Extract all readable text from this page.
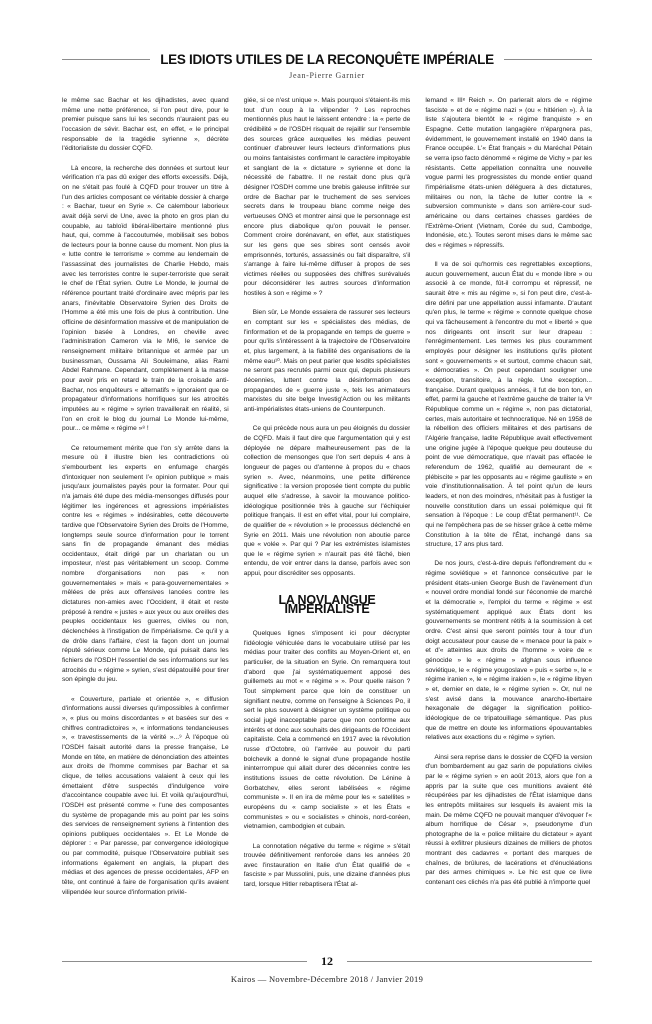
LES IDIOTS UTILES DE LA RECONQUÊTE IMPÉRIALE
Jean-Pierre Garnier

le même sac Bachar et les djihadistes, avec quand même une nette préférence, si l'on peut dire, pour le premier puisque sans lui les seconds n'auraient pas eu l'occasion de sévir. Bachar est, en effet, « le principal responsable de la tragédie syrienne », décrète l'éditorialiste du dossier CQFD.

Là encore, la recherche des données et surtout leur vérification n'a pas dû exiger des efforts excessifs. Déjà, on ne s'était pas foulé à CQFD pour trouver un titre à l'un des articles composant ce véritable dossier à charge : « Bachar, tueur en Syrie ». Ce calembour laborieux avait déjà servi de Une, avec la photo en gros plan du coupable, au tabloïd libéral-libertaire mentionné plus haut, qui, comme à l'accoutumée, mobilisait ses bobos de lecteurs pour la bonne cause du moment. Non plus la « lutte contre le terrorisme » comme au lendemain de l'assassinat des journalistes de Charlie Hebdo, mais avec les terroristes contre le super-terroriste que serait le chef de l'État syrien. Outre Le Monde, le journal de référence pourtant traité d'ordinaire avec mépris par les anars, l'inévitable Observatoire Syrien des Droits de l'Homme a été mis une fois de plus à contribution. Une officine de désinformation massive et de manipulation de l'opinion basée à Londres, en cheville avec l'administration Cameron via le MI6, le service de renseignement militaire britannique et armée par un businessman, Oussama Ali Souleimane, alias Rami Abdel Rahmane. Cependant, complètement à la masse pour avoir pris en retard le train de la croisade anti-Bachar, nos enquêteurs « alternatifs » ignoraient que ce propagateur d'informations horrifiques sur les atrocités imputées au « régime » syrien travaillerait en réalité, si l'on en croit le blog du journal Le Monde lui-même, pour... ce même « régime »⁸ !

Ce retournement mérite que l'on s'y arrête dans la mesure où il illustre bien les contradictions où s'embourbent les experts en enfumage chargés d'intoxiquer non seulement l'« opinion publique » mais jusqu'aux journalistes payés pour la formater. Pour qui n'a jamais été dupe des média-mensonges diffusés pour légitimer les ingérences et agressions impérialistes contre les « régimes » indésirables, cette découverte tardive que l'Observatoire Syrien des Droits de l'Homme, longtemps seule source d'information pour le torrent sans fin de propagande émanant des médias occidentaux, était dirigé par un charlatan ou un imposteur, n'est pas véritablement un scoop. Comme nombre d'organisations non pas « non gouvernementales » mais « para-gouvernementales » mêlées de près aux offensives lancées contre les dictatures non-amies avec l'Occident, il était et reste préposé à rendre « justes » aux yeux ou aux oreilles des peuples occidentaux les guerres, civiles ou non, déclenchées à l'instigation de l'impérialisme. Ce qu'il y a de drôle dans l'affaire, c'est la façon dont un journal réputé sérieux comme Le Monde, qui puisait dans les fichiers de l'OSDH l'essentiel de ses informations sur les atrocités du « régime » syrien, s'est dépatouillé pour tirer son épingle du jeu.

« Couverture, partiale et orientée », « diffusion d'informations aussi diverses qu'impossibles à confirmer », « plus ou moins discordantes » et basées sur des « chiffres contradictoires », « informations tendancieuses », « travestissements de la vérité »...⁹ À l'époque où l'OSDH faisait autorité dans la presse française, Le Monde en tête, en matière de dénonciation des atteintes aux droits de l'homme commises par Bachar et sa clique, de telles accusations valaient à ceux qui les émettaient d'être suspectés d'indulgence voire d'accointance coupable avec lui. Et voilà qu'aujourd'hui, l'OSDH est présenté comme « l'une des composantes du système de propagande mis au point par les soins des services de renseignement syriens à l'intention des opinions publiques occidentales ». Et Le Monde de déplorer : « Par paresse, par convergence idéologique ou par commodité, puisque l'Observatoire publiait ses informations également en anglais, la plupart des médias et des agences de presse occidentales, AFP en tête, ont continué à faire de l'organisation qu'ils avaient vilipendée leur source d'information privilé-

giée, si ce n'est unique ». Mais pourquoi s'étaient-ils mis tout d'un coup à la vilipender ? Les reproches mentionnés plus haut le laissent entendre : la « perte de crédibilité » de l'OSDH risquait de rejaillir sur l'ensemble des sources grâce auxquelles les médias peuvent continuer d'abreuver leurs lecteurs d'informations plus ou moins fantaisistes confirmant le caractère impitoyable et sanglant de la « dictature » syrienne et donc la nécessité de l'abattre. Il ne restait donc plus qu'à désigner l'OSDH comme une brebis galeuse infiltrée sur ordre de Bachar par le truchement de ses services secrets dans le troupeau blanc comme neige des vertueuses ONG et montrer ainsi que le personnage est encore plus diabolique qu'on pouvait le penser. Comment croire dorénavant, en effet, aux statistiques sur les gens que ses sbires sont censés avoir emprisonnés, torturés, assassinés ou fait disparaître, s'il s'arrange à faire lui-même diffuser à propos de ses victimes réelles ou supposées des chiffres surévalués pour déconsidérer les autres sources d'information hostiles à son « régime » ?

Bien sûr, Le Monde essaiera de rassurer ses lecteurs en comptant sur les « spécialistes des médias, de l'information et de la propagande en temps de guerre » pour qu'ils s'intéressent à la trajectoire de l'Observatoire et, plus largement, à la fiabilité des organisations de la même eau¹⁰. Mais on peut parier que lesdits spécialistes ne seront pas recrutés parmi ceux qui, depuis plusieurs décennies, luttent contre la désinformation des propagandes de « guerre juste », tels les animateurs marxistes du site belge Investig'Action ou les militants anti-impérialistes états-uniens de Counterpunch.

Ce qui précède nous aura un peu éloignés du dossier de CQFD. Mais il faut dire que l'argumentation qui y est déployée ne dépare malheureusement pas de la collection de mensonges que l'on sert depuis 4 ans à longueur de pages ou d'antenne à propos du « chaos syrien ». Avec, néanmoins, une petite différence significative : la version proposée tient compte du public auquel elle s'adresse, à savoir la mouvance politico-idéologique positionnée très à gauche sur l'échiquier politique français. Il est en effet vital, pour lui complaire, de qualifier de « révolution » le processus déclenché en Syrie en 2011. Mais une révolution non aboutie parce que « volée ». Par qui ? Par les extrémistes islamistes que le « régime syrien » n'aurait pas été fâché, bien entendu, de voir entrer dans la danse, parfois avec son appui, pour discréditer ses opposants.

LA NOVLANGUE IMPÉRIALISTE

Quelques lignes s'imposent ici pour décrypter l'idéologie véhiculée dans le vocabulaire utilisé par les médias pour traiter des conflits au Moyen-Orient et, en particulier, de la situation en Syrie. On remarquera tout d'abord que j'ai systématiquement apposé des guillemets au mot « « régime » ». Pour quelle raison ? Tout simplement parce que loin de constituer un signifiant neutre, comme on l'enseigne à Sciences Po, il sert le plus souvent à désigner un système politique ou social jugé inacceptable parce que non conforme aux intérêts et donc aux souhaits des dirigeants de l'Occident capitaliste. Cela a commencé en 1917 avec la révolution russe d'Octobre, où l'arrivée au pouvoir du parti bolchevik a donné le signal d'une propagande hostile ininterrompue qui allait durer des décennies contre les institutions issues de cette révolution. De Lénine à Gorbatchev, elles seront labélisées « régime communiste ». Il en ira de même pour les « satellites » européens du « camp socialiste » et les États « communistes » ou « socialistes » chinois, nord-coréen, vietnamien, cambodgien et cubain.

La connotation négative du terme « régime » s'était trouvée définitivement renforcée dans les années 20 avec l'instauration en Italie d'un État qualifié de « fasciste » par Mussolini, puis, une dizaine d'années plus tard, lorsque Hitler rebaptisera l'État al-

lemand « IIIᵉ Reich ». On parlerait alors de « régime fasciste » et de « régime nazi » (ou « hitlérien »). À la liste s'ajoutera bientôt le « régime franquiste » en Espagne. Cette mutation langagière n'épargnera pas, évidemment, le gouvernement installé en 1940 dans la France occupée. L'« État français » du Maréchal Pétain se verra ipso facto dénommé « régime de Vichy » par les résistants. Cette appellation connaîtra une nouvelle vogue parmi les progressistes du monde entier quand l'impérialisme états-unien déléguera à des dictatures, militaires ou non, la tâche de lutter contre la « subversion communiste » dans son arrière-cour sud-américaine ou dans certaines chasses gardées de l'Extrême-Orient (Vietnam, Corée du sud, Cambodge, Indonésie, etc.). Toutes seront mises dans le même sac des « régimes » répressifs.

Il va de soi qu'hormis ces regrettables exceptions, aucun gouvernement, aucun État du « monde libre » ou associé à ce monde, fût-il corrompu et répressif, ne saurait être « mis au régime », si l'on peut dire, c'est-à-dire défini par une appellation aussi infamante. D'autant qu'en plus, le terme « régime » connote quelque chose qui va fâcheusement à l'encontre du mot « liberté » que nos dirigeants ont inscrit sur leur drapeau : l'enrégimentement. Les termes les plus couramment employés pour désigner les institutions qu'ils pilotent sont « gouvernements » et surtout, comme chacun sait, « démocraties ». On peut cependant souligner une exception, transitoire, à la règle. Une exception... française. Durant quelques années, il fut de bon ton, en effet, parmi la gauche et l'extrême gauche de traiter la Vᵉ République comme un « régime », non pas dictatorial, certes, mais autoritaire et technocratique. Né en 1958 de la rébellion des officiers militaires et des partisans de l'Algérie française, ladite République avait effectivement une origine jugée à l'époque quelque peu douteuse du point de vue démocratique, que n'avait pas effacée le referendum de 1962, qualifié au demeurant de « plébiscite » par les opposants au « régime gaulliste » en voie d'institutionnalisation. À tel point qu'un de leurs leaders, et non des moindres, n'hésitait pas à fustiger la nouvelle constitution dans un essai polémique qui fit sensation à l'époque : Le coup d'État permanent¹¹. Ce qui ne l'empêchera pas de se hisser grâce à cette même Constitution à la tête de l'État, inchangé dans sa structure, 17 ans plus tard.

De nos jours, c'est-à-dire depuis l'effondrement du « régime soviétique » et l'annonce consécutive par le président états-unien George Bush de l'avènement d'un « nouvel ordre mondial fondé sur l'économie de marché et la démocratie », l'emploi du terme « régime » est systématiquement appliqué aux États dont les gouvernements se montrent rétifs à la soumission à cet ordre. C'est ainsi que seront pointés tour à tour d'un doigt accusateur pour cause de « menace pour la paix » et d'« atteintes aux droits de l'homme » voire de « génocide » le « régime » afghan sous influence soviétique, le « régime yougoslave » puis « serbe », le « régime iranien », le « régime irakien », le « régime libyen » et, dernier en date, le « régime syrien ». Or, nul ne s'est avisé dans la mouvance anarcho-libertaire hexagonale de dégager la signification politico-idéologique de ce tripatouillage sémantique. Pas plus que de mettre en doute les informations épouvantables relatives aux exactions du « régime » syrien.

Ainsi sera reprise dans le dossier de CQFD la version d'un bombardement au gaz sarin de populations civiles par le « régime syrien » en août 2013, alors que l'on a appris par la suite que ces munitions avaient été récupérées par les djihadistes de l'État islamique dans les entrepôts militaires sur lesquels ils avaient mis la main. De même CQFD ne pouvait manquer d'évoquer l'« album horrifique de César », pseudonyme d'un photographe de la « police militaire du dictateur » ayant réussi à exfiltrer plusieurs dizaines de milliers de photos montrant des cadavres « portant des marques de chaînes, de brûlures, de lacérations et d'énucléations par des armes chimiques ». Le hic est que ce livre contenant ces clichés n'a pas été publié à n'importe quel

12
Kairos — Novembre-Décembre 2018 / Janvier 2019
